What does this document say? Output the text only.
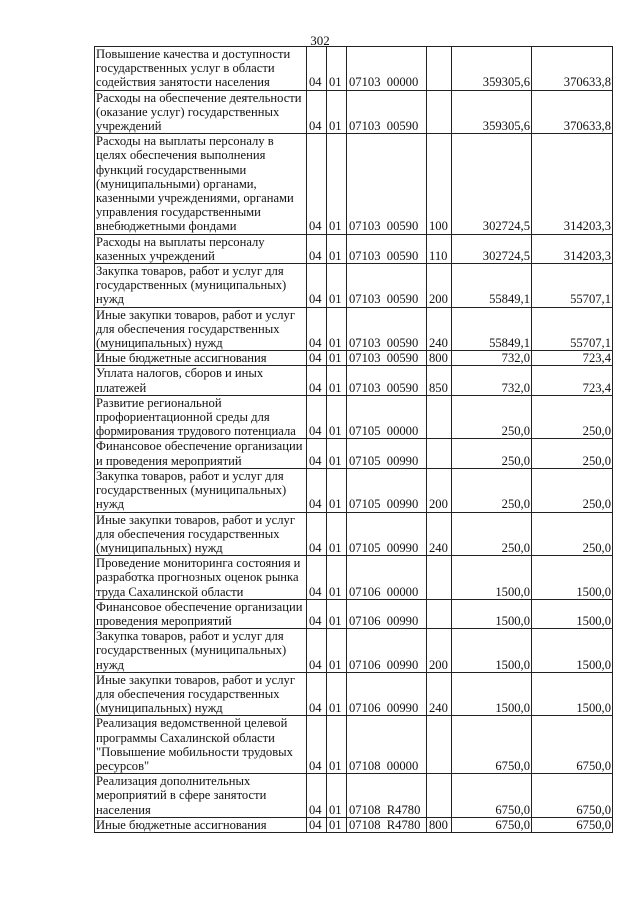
302
Повышение качества и доступности государственных услуг в области содействия занятости населения	04	01	07103 00000		359305,6	370633,8
Расходы на обеспечение деятельности (оказание услуг) государственных учреждений	04	01	07103 00590		359305,6	370633,8
Расходы на выплаты персоналу в целях обеспечения выполнения функций государственными (муниципальными) органами, казенными учреждениями, органами управления государственными внебюджетными фондами	04	01	07103 00590	100	302724,5	314203,3
Расходы на выплаты персоналу казенных учреждений	04	01	07103 00590	110	302724,5	314203,3
Закупка товаров, работ и услуг для государственных (муниципальных) нужд	04	01	07103 00590	200	55849,1	55707,1
Иные закупки товаров, работ и услуг для обеспечения государственных (муниципальных) нужд	04	01	07103 00590	240	55849,1	55707,1
Иные бюджетные ассигнования	04	01	07103 00590	800	732,0	723,4
Уплата налогов, сборов и иных платежей	04	01	07103 00590	850	732,0	723,4
Развитие региональной профориентационной среды для формирования трудового потенциала	04	01	07105 00000		250,0	250,0
Финансовое обеспечение организации и проведения мероприятий	04	01	07105 00990		250,0	250,0
Закупка товаров, работ и услуг для государственных (муниципальных) нужд	04	01	07105 00990	200	250,0	250,0
Иные закупки товаров, работ и услуг для обеспечения государственных (муниципальных) нужд	04	01	07105 00990	240	250,0	250,0
Проведение мониторинга состояния и разработка прогнозных оценок рынка труда Сахалинской области	04	01	07106 00000		1500,0	1500,0
Финансовое обеспечение организации проведения мероприятий	04	01	07106 00990		1500,0	1500,0
Закупка товаров, работ и услуг для государственных (муниципальных) нужд	04	01	07106 00990	200	1500,0	1500,0
Иные закупки товаров, работ и услуг для обеспечения государственных (муниципальных) нужд	04	01	07106 00990	240	1500,0	1500,0
Реализация ведомственной целевой программы Сахалинской области "Повышение мобильности трудовых ресурсов"	04	01	07108 00000		6750,0	6750,0
Реализация дополнительных мероприятий в сфере занятости населения	04	01	07108 R4780		6750,0	6750,0
Иные бюджетные ассигнования	04	01	07108 R4780	800	6750,0	6750,0
